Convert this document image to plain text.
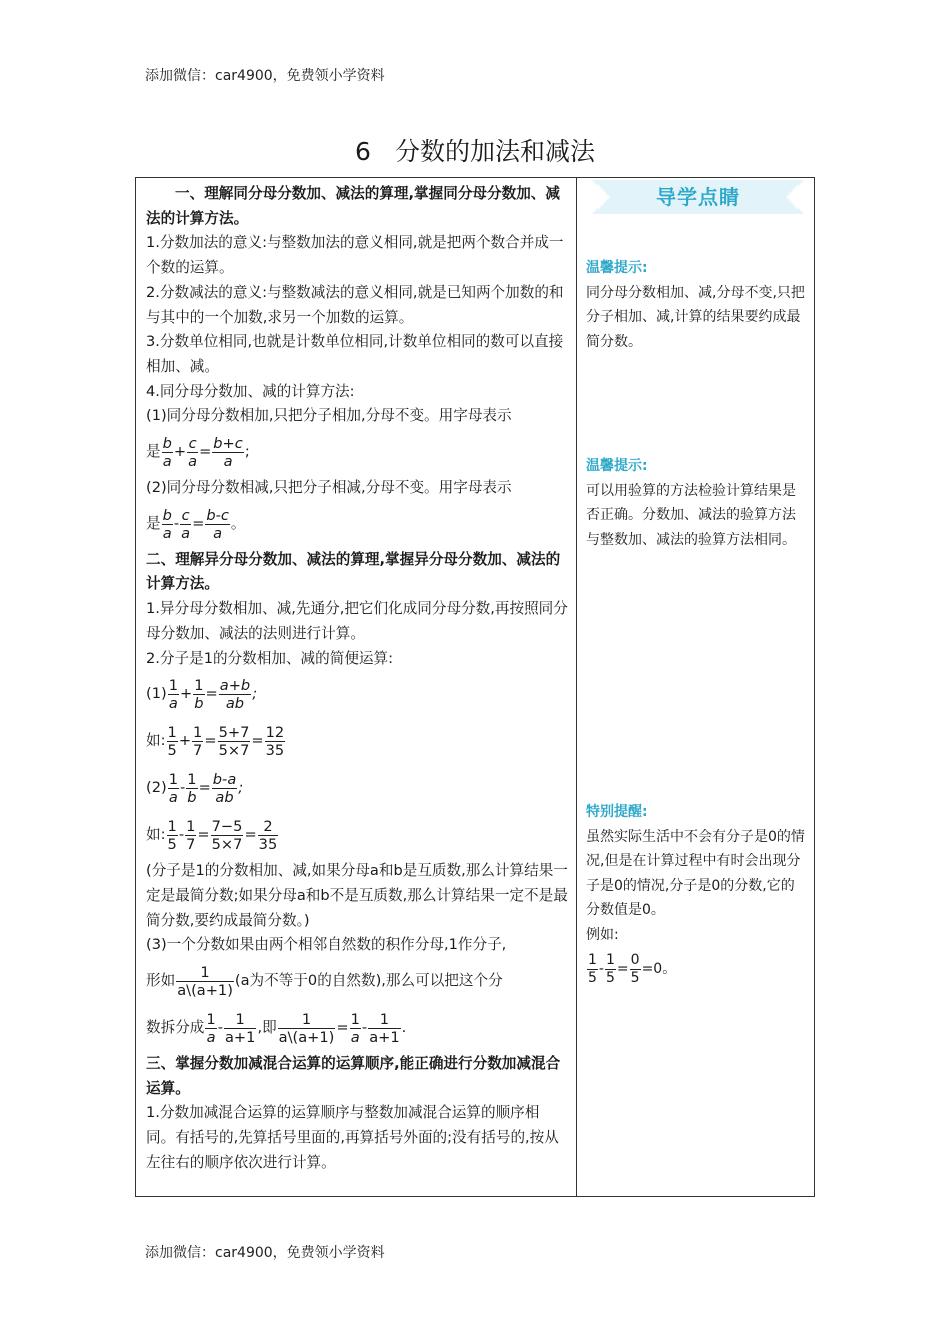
添加微信：car4900，免费领小学资料
6 分数的加法和减法

一、理解同分母分数加、减法的算理,掌握同分母分数加、减法的计算方法。

1.分数加法的意义:与整数加法的意义相同,就是把两个数合并成一个数的运算。

2.分数减法的意义:与整数减法的意义相同,就是已知两个加数的和与其中的一个加数,求另一个加数的运算。

3.分数单位相同,也就是计数单位相同,计数单位相同的数可以直接相加、减。

4.同分母分数加、减的计算方法:

(1)同分母分数相加,只把分子相加,分母不变。用字母表示

是 $\frac{b}{a} + \frac{c}{a} = \frac{b+c}{a}$ ;

(2)同分母分数相减,只把分子相减,分母不变。用字母表示

是 $\frac{b}{a} - \frac{c}{a} = \frac{b-c}{a}$ 。

二、理解异分母分数加、减法的算理,掌握异分母分数加、减法的计算方法。

1.异分母分数相加、减,先通分,把它们化成同分母分数,再按照同分母分数加、减法的法则进行计算。

2.分子是1的分数相加、减的简便运算:

$(1) \frac{1}{a} + \frac{1}{b} = \frac{a+b}{ab}$ ;
如: $\frac{1}{5} + \frac{1}{7} = \frac{5+7}{5\times 7} = \frac{12}{35}$
$(2) \frac{1}{a} - \frac{1}{b} = \frac{b-a}{ab}$ ;
如: $\frac{1}{5} - \frac{1}{7} = \frac{7-5}{5\times 7} = \frac{2}{35}$

(分子是1的分数相加、减,如果分母a和b是互质数,那么计算结果一定是最简分数;如果分母a和b不是互质数,那么计算结果一定不是最简分数,要约成最简分数。)

(3)一个分数如果由两个相邻自然数的积作分母,1作分子,

形如 $\frac{1}{a\backslash(a+1)} (a$为不等于0的自然数),那么可以把这个分
数拆分成 $\frac{1}{a} - \frac{1}{a+1}$ ,即 $\frac{1}{a\backslash(a+1)} = \frac{1}{a} - \frac{1}{a+1}$ .

三、掌握分数加减混合运算的运算顺序,能正确进行分数加减混合运算。

1.分数加减混合运算的运算顺序与整数加减混合运算的顺序相同。有括号的,先算括号里面的,再算括号外面的;没有括号的,按从左往右的顺序依次进行计算。

导学点睛
温馨提示:
同分母分数相加、减,分母不变,只把分子相加、减,计算的结果要约成最简分数。
温馨提示:
可以用验算的方法检验计算结果是否正确。分数加、减法的验算方法与整数加、减法的验算方法相同。
特别提醒:
虽然实际生活中不会有分子是0的情况,但是在计算过程中有时会出现分子是0的情况,分子是0的分数,它的分数值是0。
例如:
$\frac{1}{5} - \frac{1}{5} = \frac{0}{5} =0$。
添加微信：car4900，免费领小学资料
